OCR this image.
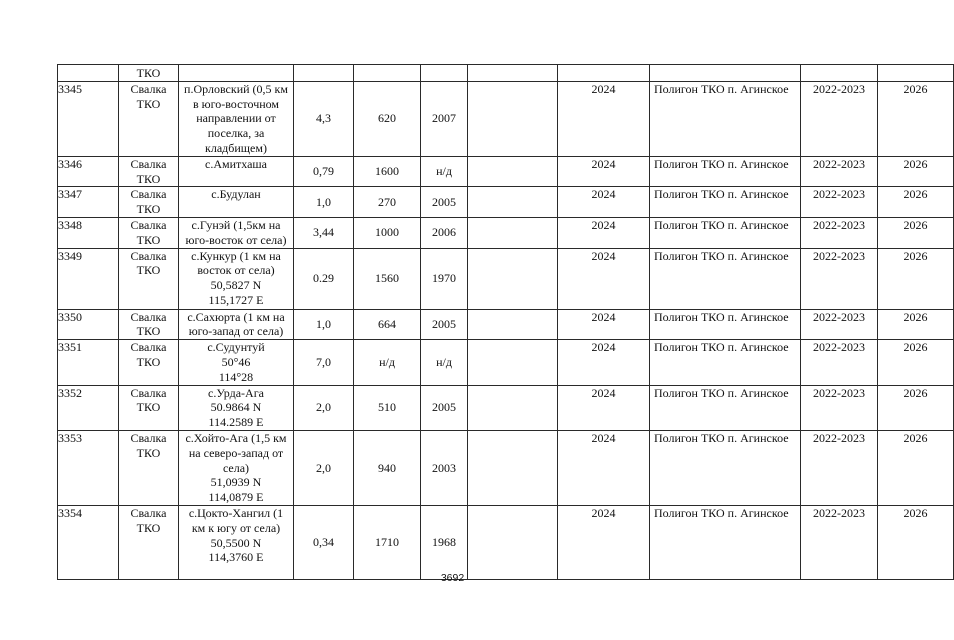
	ТКО									

3345	Свалка
ТКО	п.Орловский (0,5 км
в юго-восточном
направлении от
поселка, за
кладбищем)	4,3	620	2007		2024	Полигон ТКО п. Агинское	2022-2023	2026
3346	Свалка
ТКО	с.Амитхаша	0,79	1600	н/д		2024	Полигон ТКО п. Агинское	2022-2023	2026
3347	Свалка
ТКО	с.Будулан	1,0	270	2005		2024	Полигон ТКО п. Агинское	2022-2023	2026
3348	Свалка
ТКО	с.Гунэй (1,5км на
юго-восток от села)	3,44	1000	2006		2024	Полигон ТКО п. Агинское	2022-2023	2026
3349	Свалка
ТКО	с.Кункур (1 км на
восток от села)
50,5827 N
115,1727 E	0.29	1560	1970		2024	Полигон ТКО п. Агинское	2022-2023	2026
3350	Свалка
ТКО	с.Сахюрта (1 км на
юго-запад от села)	1,0	664	2005		2024	Полигон ТКО п. Агинское	2022-2023	2026
3351	Свалка
ТКО	с.Судунтуй
50°46
114°28	7,0	н/д	н/д		2024	Полигон ТКО п. Агинское	2022-2023	2026
3352	Свалка
ТКО	с.Урда-Ага
50.9864 N
114.2589 E	2,0	510	2005		2024	Полигон ТКО п. Агинское	2022-2023	2026
3353	Свалка
ТКО	с.Хойто-Ага (1,5 км
на северо-запад от
села)
51,0939 N
114,0879 E	2,0	940	2003		2024	Полигон ТКО п. Агинское	2022-2023	2026
3354	Свалка
ТКО	с.Цокто-Хангил (1
км к югу от села)
50,5500 N
114,3760 E	0,34	1710	1968		2024	Полигон ТКО п. Агинское	2022-2023	2026
3692
